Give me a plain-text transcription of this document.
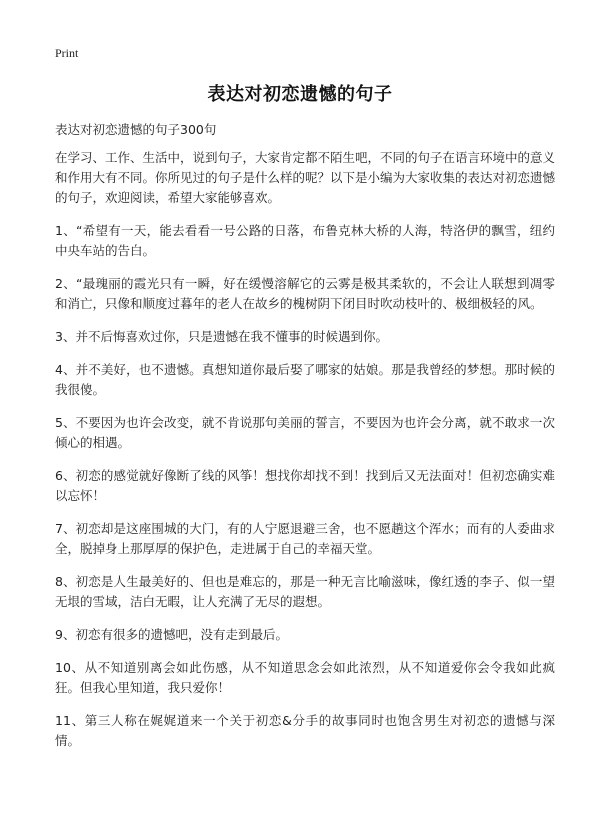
Print
表达对初恋遗憾的句子
表达对初恋遗憾的句子300句

在学习、工作、生活中，说到句子，大家肯定都不陌生吧，不同的句子在语言环境中的意义和作用大有不同。你所见过的句子是什么样的呢？以下是小编为大家收集的表达对初恋遗憾的句子，欢迎阅读，希望大家能够喜欢。

1、“希望有一天，能去看看一号公路的日落，布鲁克林大桥的人海，特洛伊的飘雪，纽约中央车站的告白。

2、“最瑰丽的霞光只有一瞬，好在缓慢溶解它的云雾是极其柔软的，不会让人联想到凋零和消亡，只像和顺度过暮年的老人在故乡的槐树阴下闭目时吹动枝叶的、极细极轻的风。

3、并不后悔喜欢过你，只是遗憾在我不懂事的时候遇到你。

4、并不美好，也不遗憾。真想知道你最后娶了哪家的姑娘。那是我曾经的梦想。那时候的我很傻。

5、不要因为也许会改变，就不肯说那句美丽的誓言，不要因为也许会分离，就不敢求一次倾心的相遇。

6、初恋的感觉就好像断了线的风筝！想找你却找不到！找到后又无法面对！但初恋确实难以忘怀！

7、初恋却是这座围城的大门，有的人宁愿退避三舍，也不愿趟这个浑水；而有的人委曲求全，脱掉身上那厚厚的保护色，走进属于自己的幸福天堂。

8、初恋是人生最美好的、但也是难忘的，那是一种无言比喻滋味，像红透的李子、似一望无垠的雪域，洁白无暇，让人充满了无尽的遐想。

9、初恋有很多的遗憾吧，没有走到最后。

10、从不知道别离会如此伤感，从不知道思念会如此浓烈，从不知道爱你会令我如此疯狂。但我心里知道，我只爱你！

11、第三人称在娓娓道来一个关于初恋&分手的故事同时也饱含男生对初恋的遗憾与深情。
